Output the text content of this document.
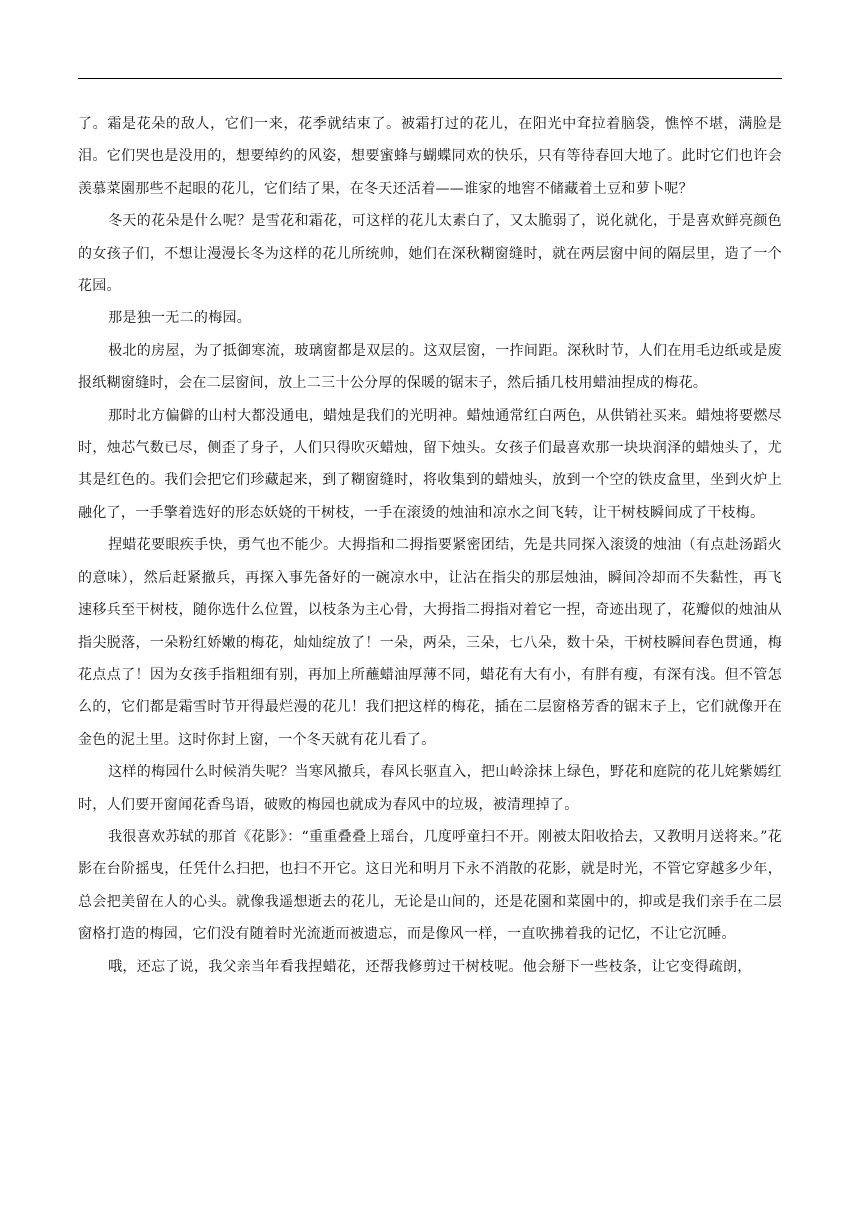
了。霜是花朵的敌人，它们一来，花季就结束了。被霜打过的花儿，在阳光中耷拉着脑袋，憔悴不堪，满脸是泪。它们哭也是没用的，想要绰约的风姿，想要蜜蜂与蝴蝶同欢的快乐，只有等待春回大地了。此时它们也许会羡慕菜園那些不起眼的花儿，它们结了果，在冬天还活着——谁家的地窖不储藏着土豆和萝卜呢？

冬天的花朵是什么呢？是雪花和霜花，可这样的花儿太素白了，又太脆弱了，说化就化，于是喜欢鲜亮颜色的女孩子们，不想让漫漫长冬为这样的花儿所统帅，她们在深秋糊窗缝时，就在两层窗中间的隔层里，造了一个花园。

那是独一无二的梅园。

极北的房屋，为了抵御寒流，玻璃窗都是双层的。这双层窗，一拃间距。深秋时节，人们在用毛边纸或是废报纸糊窗缝时，会在二层窗间，放上二三十公分厚的保暖的锯末子，然后插几枝用蜡油捏成的梅花。

那时北方偏僻的山村大都没通电，蜡烛是我们的光明神。蜡烛通常红白两色，从供销社买来。蜡烛将要燃尽时，烛芯气数已尽，侧歪了身子，人们只得吹灭蜡烛，留下烛头。女孩子们最喜欢那一块块润泽的蜡烛头了，尤其是红色的。我们会把它们珍藏起来，到了糊窗缝时，将收集到的蜡烛头，放到一个空的铁皮盒里，坐到火炉上融化了，一手擎着选好的形态妖娆的干树枝，一手在滚烫的烛油和凉水之间飞转，让干树枝瞬间成了干枝梅。

捏蜡花要眼疾手快，勇气也不能少。大拇指和二拇指要紧密团结，先是共同探入滚烫的烛油（有点赴汤蹈火的意味），然后赶紧撤兵，再探入事先备好的一碗凉水中，让沾在指尖的那层烛油，瞬间冷却而不失黏性，再飞速移兵至干树枝，随你选什么位置，以枝条为主心骨，大拇指二拇指对着它一捏，奇迹出现了，花瓣似的烛油从指尖脱落，一朵粉红娇嫩的梅花，灿灿绽放了！一朵，两朵，三朵，七八朵，数十朵，干树枝瞬间春色贯通，梅花点点了！因为女孩手指粗细有别，再加上所蘸蜡油厚薄不同，蜡花有大有小，有胖有瘦，有深有浅。但不管怎么的，它们都是霜雪时节开得最烂漫的花儿！我们把这样的梅花，插在二层窗格芳香的锯末子上，它们就像开在金色的泥土里。这时你封上窗，一个冬天就有花儿看了。

这样的梅园什么时候消失呢？当寒风撤兵，春风长驱直入，把山岭涂抹上绿色，野花和庭院的花儿姹紫嫣红时，人们要开窗闻花香鸟语，破败的梅园也就成为春风中的垃圾，被清理掉了。

我很喜欢苏轼的那首《花影》：“重重叠叠上瑶台，几度呼童扫不开。刚被太阳收拾去，又教明月送将来。”花影在台阶摇曳，任凭什么扫把，也扫不开它。这日光和明月下永不消散的花影，就是时光，不管它穿越多少年，总会把美留在人的心头。就像我遥想逝去的花儿，无论是山间的，还是花園和菜園中的，抑或是我们亲手在二层窗格打造的梅园，它们没有随着时光流逝而被遗忘，而是像风一样，一直吹拂着我的记忆，不让它沉睡。

哦，还忘了说，我父亲当年看我捏蜡花，还帮我修剪过干树枝呢。他会掰下一些枝条，让它变得疏朗，
